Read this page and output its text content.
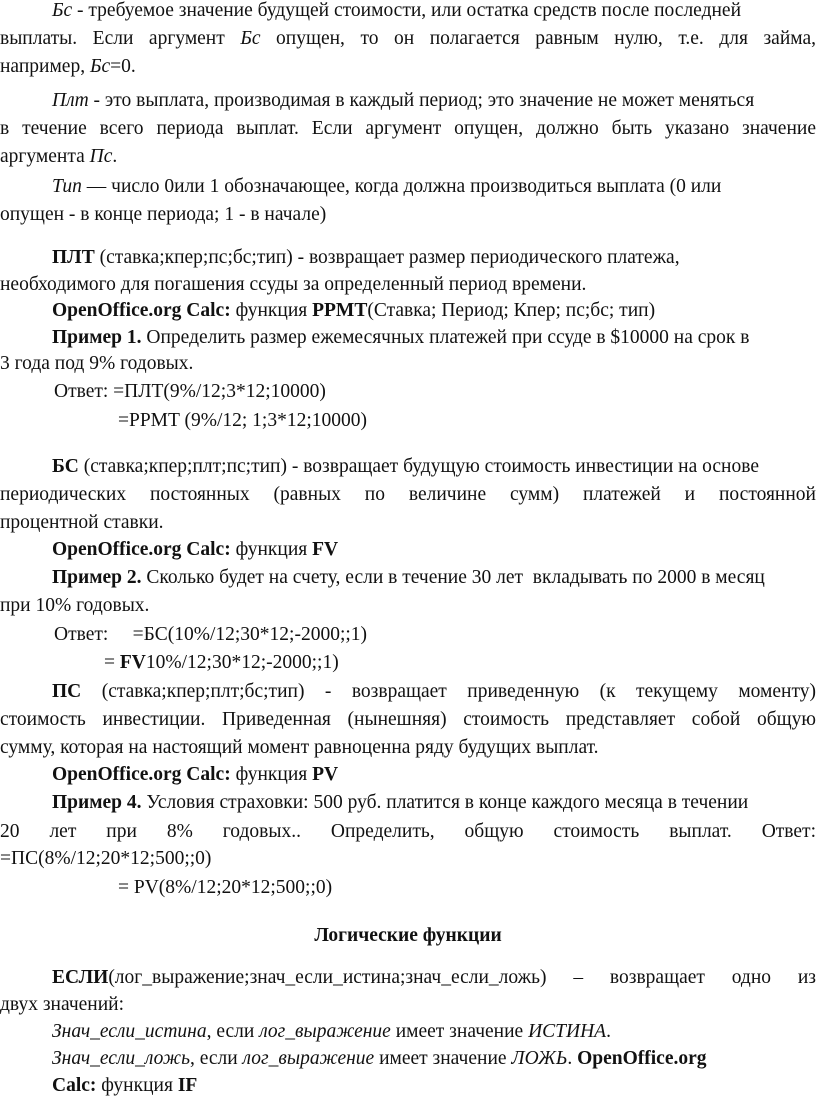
Бс - требуемое значение будущей стоимости, или остатка средств после последней
выплаты. Если аргумент Бс опущен, то он полагается равным нулю, т.е. для займа,
например, Бс=0.
Плт - это выплата, производимая в каждый период; это значение не может меняться
в течение всего периода выплат. Если аргумент опущен, должно быть указано значение
аргумента Пс.
Тип — число 0или 1 обозначающее, когда должна производиться выплата (0 или
опущен - в конце периода; 1 - в начале)
ПЛТ (ставка;кпер;пс;бс;тип) - возвращает размер периодического платежа,
необходимого для погашения ссуды за определенный период времени.
OpenOffice.org Calc: функция PPMT(Ставка; Период; Кпер; пс;бс; тип)
Пример 1. Определить размер ежемесячных платежей при ссуде в $10000 на срок в
3 года под 9% годовых.
Ответ: =ПЛТ(9%/12;3*12;10000)
=PPMT (9%/12; 1;3*12;10000)
БС (ставка;кпер;плт;пс;тип) - возвращает будущую стоимость инвестиции на основе
периодических постоянных (равных по величине сумм) платежей и постоянной
процентной ставки.
OpenOffice.org Calc: функция FV
Пример 2. Сколько будет на счету, если в течение 30 лет  вкладывать по 2000 в месяц
при 10% годовых.
Ответ:     =БС(10%/12;30*12;-2000;;1)
= FV10%/12;30*12;-2000;;1)
ПС (ставка;кпер;плт;бс;тип) - возвращает приведенную (к текущему моменту)
стоимость инвестиции. Приведенная (нынешняя) стоимость представляет собой общую
сумму, которая на настоящий момент равноценна ряду будущих выплат.
OpenOffice.org Calc: функция PV
Пример 4. Условия страховки: 500 руб. платится в конце каждого месяца в течении
20 лет при 8% годовых.. Определить, общую стоимость выплат. Ответ:
=ПС(8%/12;20*12;500;;0)
= PV(8%/12;20*12;500;;0)
Логические функции
ЕСЛИ(лог_выражение;знач_если_истина;знач_если_ложь) – возвращает одно из
двух значений:
Знач_если_истина, если лог_выражение имеет значение ИСТИНА.
Знач_если_ложь, если лог_выражение имеет значение ЛОЖЬ. OpenOffice.org
Calc: функция IF
